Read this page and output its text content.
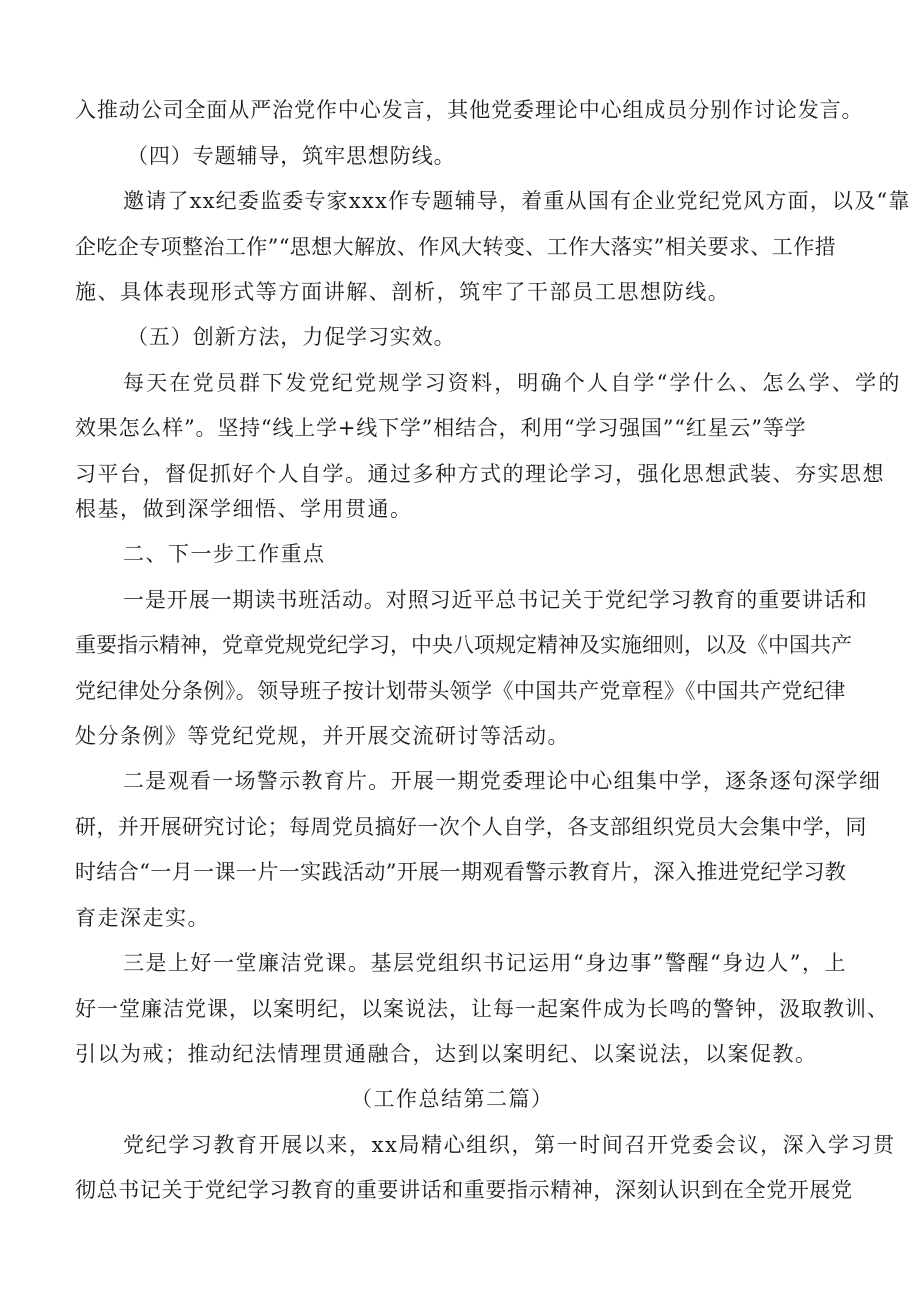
入推动公司全面从严治党作中心发言，其他党委理论中心组成员分别作讨论发言。
（四）专题辅导，筑牢思想防线。
邀请了xx纪委监委专家xxx作专题辅导，着重从国有企业党纪党风方面，以及“靠
企吃企专项整治工作”“思想大解放、作风大转变、工作大落实”相关要求、工作措
施、具体表现形式等方面讲解、剖析，筑牢了干部员工思想防线。
（五）创新方法，力促学习实效。
每天在党员群下发党纪党规学习资料，明确个人自学“学什么、怎么学、学的
效果怎么样”。坚持“线上学+线下学”相结合，利用“学习强国”“红星云”等学
习平台，督促抓好个人自学。通过多种方式的理论学习，强化思想武装、夯实思想
根基，做到深学细悟、学用贯通。
二、下一步工作重点
一是开展一期读书班活动。对照习近平总书记关于党纪学习教育的重要讲话和
重要指示精神，党章党规党纪学习，中央八项规定精神及实施细则，以及《中国共产
党纪律处分条例》。领导班子按计划带头领学《中国共产党章程》《中国共产党纪律
处分条例》等党纪党规，并开展交流研讨等活动。
二是观看一场警示教育片。开展一期党委理论中心组集中学，逐条逐句深学细
研，并开展研究讨论；每周党员搞好一次个人自学，各支部组织党员大会集中学，同
时结合“一月一课一片一实践活动”开展一期观看警示教育片，深入推进党纪学习教
育走深走实。
三是上好一堂廉洁党课。基层党组织书记运用“身边事”警醒“身边人”，上
好一堂廉洁党课，以案明纪，以案说法，让每一起案件成为长鸣的警钟，汲取教训、
引以为戒；推动纪法情理贯通融合，达到以案明纪、以案说法，以案促教。
（工作总结第二篇）
党纪学习教育开展以来，xx局精心组织，第一时间召开党委会议，深入学习贯
彻总书记关于党纪学习教育的重要讲话和重要指示精神，深刻认识到在全党开展党
